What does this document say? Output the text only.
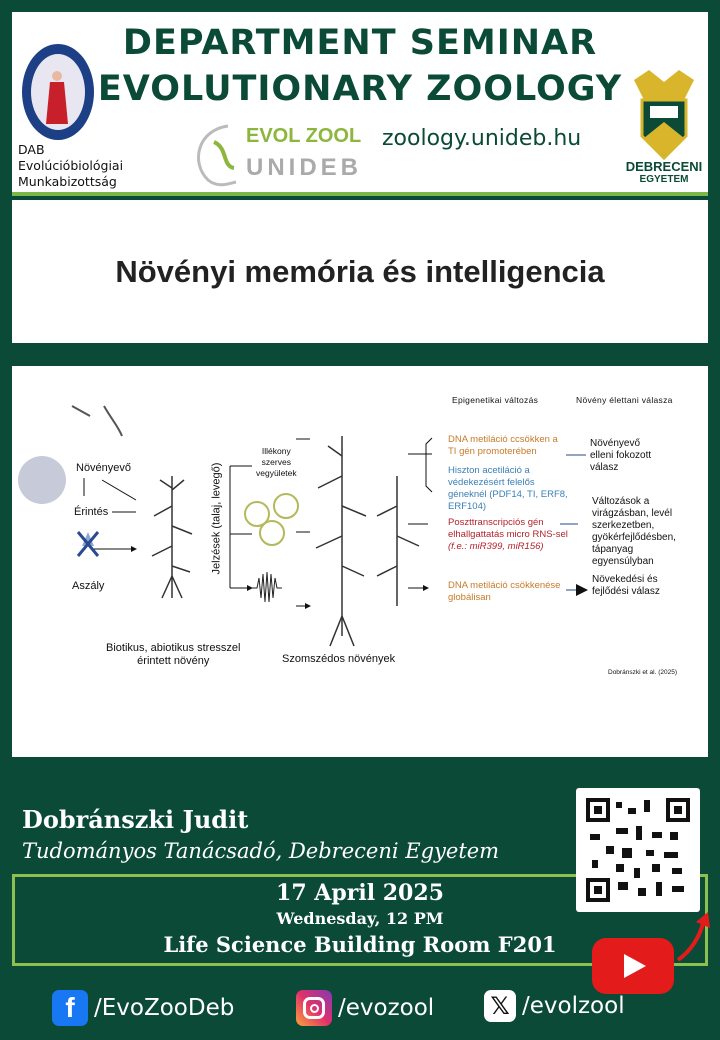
DEPARTMENT SEMINAR
EVOLUTIONARY ZOOLOGY
DAB
Evolúcióbiológiai
Munkabizottság
EVOL ZOOL
UNIDEB
zoology.unideb.hu
DEBRECENI
EGYETEM
Növényi memória és intelligencia
Epigenetikai változás	Növény élettani válasza
Növényevő
Érintés
Aszály
Jelzések (talaj, levegő)
Illékony
szerves
vegyületek
Biotikus, abiotikus stresszel
érintett növény	Szomszédos növények
DNA metiláció ccsökken a
TI gén promoterében
Hiszton acetiláció a
védekezésért felelős
géneknél (PDF14, TI, ERF8,
ERF104)
Poszttranscripciós gén
elhallgattatás micro RNS-sel
(f.e.: miR399, miR156)
DNA metiláció csökkenése
globálisan
Növényevő
elleni fokozott
válasz
Változások a
virágzásban, levél
szerkezetben,
gyökérfejlődésben,
tápanyag
egyensúlyban
Növekedési és
fejlődési válasz
Dobránszki et al. (2025)
Dobránszki Judit
Tudományos Tanácsadó, Debreceni Egyetem
17 April 2025
Wednesday, 12 PM
Life Science Building Room F201
f /EvoZooDeb	/evozool 𝕏 /evolzool
